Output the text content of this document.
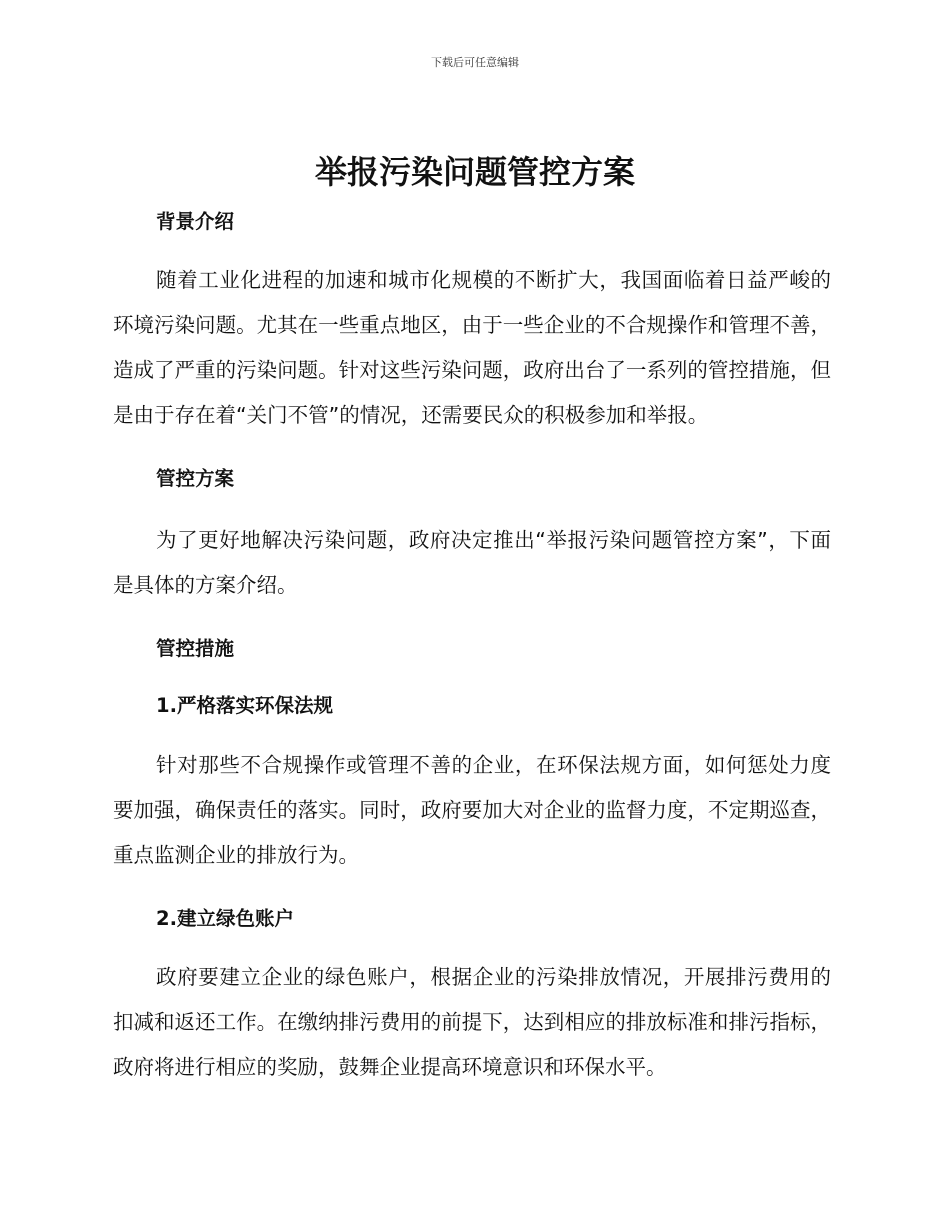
下载后可任意编辑
举报污染问题管控方案
背景介绍

随着工业化进程的加速和城市化规模的不断扩大，我国面临着日益严峻的环境污染问题。尤其在一些重点地区，由于一些企业的不合规操作和管理不善，造成了严重的污染问题。针对这些污染问题，政府出台了一系列的管控措施，但是由于存在着“关门不管”的情况，还需要民众的积极参加和举报。

管控方案

为了更好地解决污染问题，政府决定推出“举报污染问题管控方案”，下面是具体的方案介绍。

管控措施
1.严格落实环保法规

针对那些不合规操作或管理不善的企业，在环保法规方面，如何惩处力度要加强，确保责任的落实。同时，政府要加大对企业的监督力度，不定期巡查，重点监测企业的排放行为。

2.建立绿色账户

政府要建立企业的绿色账户，根据企业的污染排放情况，开展排污费用的扣减和返还工作。在缴纳排污费用的前提下，达到相应的排放标准和排污指标，政府将进行相应的奖励，鼓舞企业提高环境意识和环保水平。
